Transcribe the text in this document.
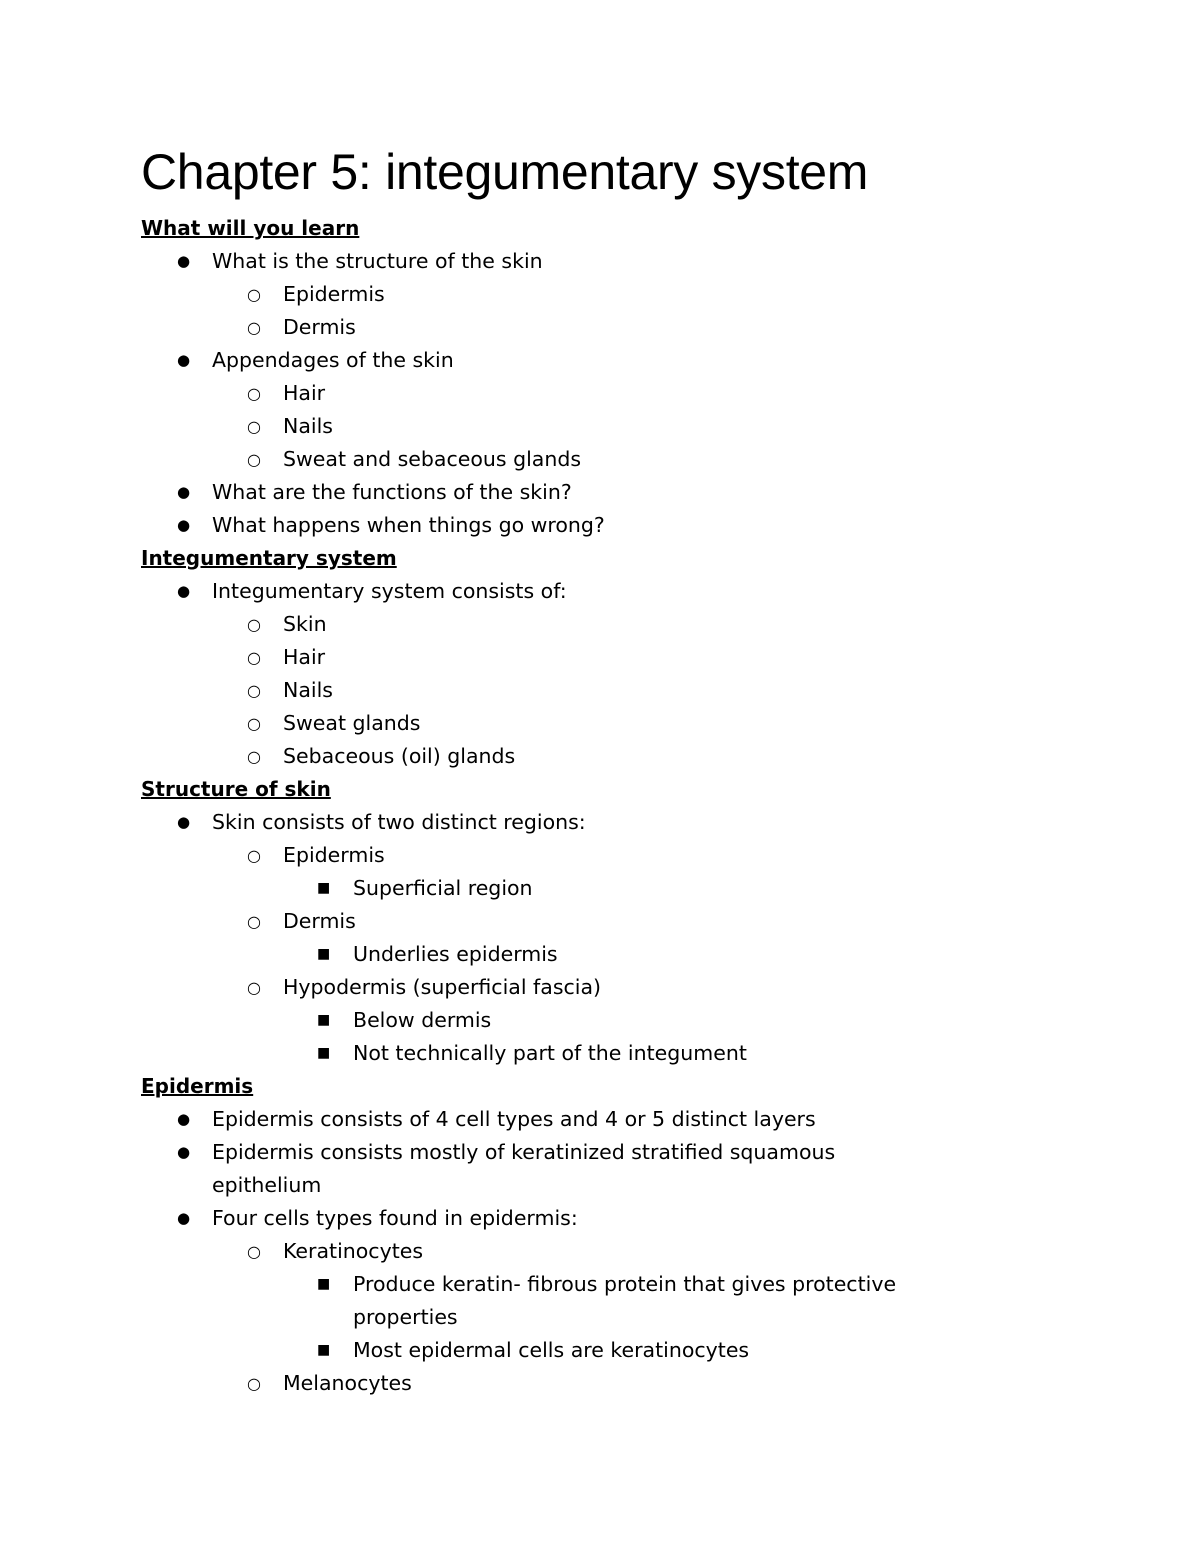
Chapter 5: integumentary system
What will you learn
● What is the structure of the skin
○ Epidermis
○ Dermis
● Appendages of the skin
○ Hair
○ Nails
○ Sweat and sebaceous glands
● What are the functions of the skin?
● What happens when things go wrong?
Integumentary system
● Integumentary system consists of:
○ Skin
○ Hair
○ Nails
○ Sweat glands
○ Sebaceous (oil) glands
Structure of skin
● Skin consists of two distinct regions:
○ Epidermis
■ Superficial region
○ Dermis
■ Underlies epidermis
○ Hypodermis (superficial fascia)
■ Below dermis
■ Not technically part of the integument
Epidermis
● Epidermis consists of 4 cell types and 4 or 5 distinct layers
● Epidermis consists mostly of keratinized stratified squamous epithelium
● Four cells types found in epidermis:
○ Keratinocytes
■ Produce keratin- fibrous protein that gives protective properties
■ Most epidermal cells are keratinocytes
○ Melanocytes
